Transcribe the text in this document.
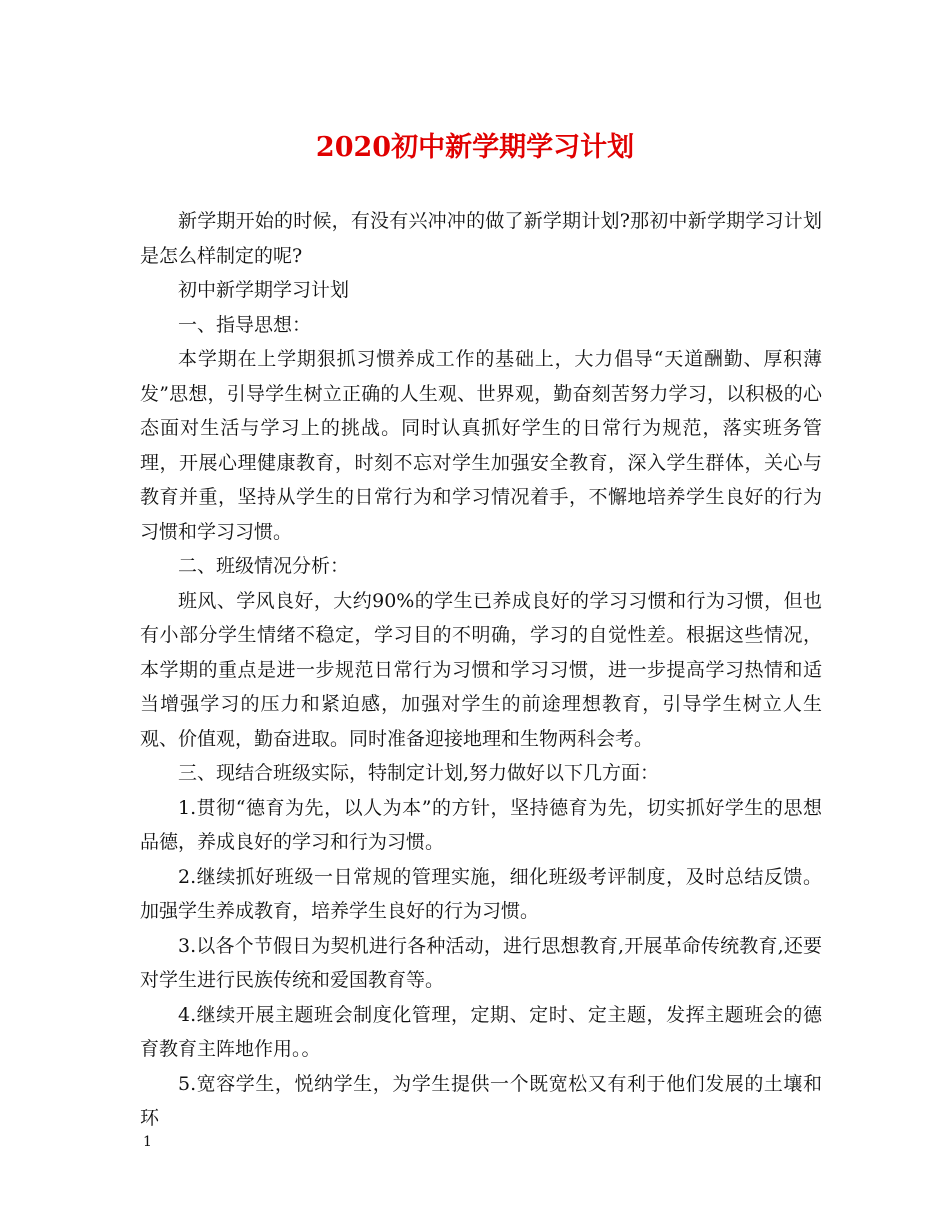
2020初中新学期学习计划

新学期开始的时候，有没有兴冲冲的做了新学期计划?那初中新学期学习计划是怎么样制定的呢?

初中新学期学习计划

一、指导思想：

本学期在上学期狠抓习惯养成工作的基础上，大力倡导“天道酬勤、厚积薄发”思想，引导学生树立正确的人生观、世界观，勤奋刻苦努力学习，以积极的心态面对生活与学习上的挑战。同时认真抓好学生的日常行为规范，落实班务管理，开展心理健康教育，时刻不忘对学生加强安全教育，深入学生群体，关心与教育并重，坚持从学生的日常行为和学习情况着手，不懈地培养学生良好的行为习惯和学习习惯。

二、班级情况分析：

班风、学风良好，大约90%的学生已养成良好的学习习惯和行为习惯，但也有小部分学生情绪不稳定，学习目的不明确，学习的自觉性差。根据这些情况，本学期的重点是进一步规范日常行为习惯和学习习惯，进一步提高学习热情和适当增强学习的压力和紧迫感，加强对学生的前途理想教育，引导学生树立人生观、价值观，勤奋进取。同时准备迎接地理和生物两科会考。

三、现结合班级实际，特制定计划,努力做好以下几方面：

1.贯彻“德育为先，以人为本”的方针，坚持德育为先，切实抓好学生的思想品德，养成良好的学习和行为习惯。

2.继续抓好班级一日常规的管理实施，细化班级考评制度，及时总结反馈。加强学生养成教育，培养学生良好的行为习惯。

3.以各个节假日为契机进行各种活动，进行思想教育,开展革命传统教育,还要对学生进行民族传统和爱国教育等。

4.继续开展主题班会制度化管理，定期、定时、定主题，发挥主题班会的德育教育主阵地作用。。

5.宽容学生，悦纳学生，为学生提供一个既宽松又有利于他们发展的土壤和环

1
